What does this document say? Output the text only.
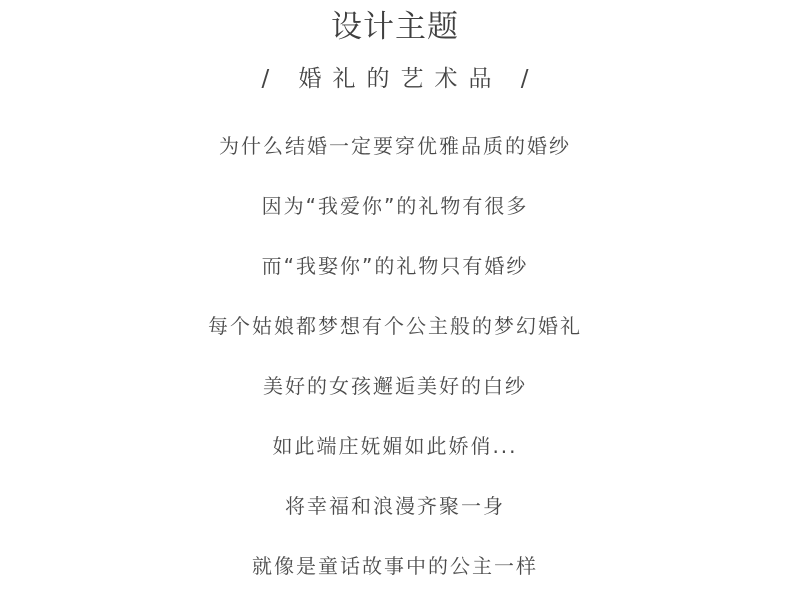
设计主题
/ 婚礼的艺术品 /
为什么结婚一定要穿优雅品质的婚纱
因为“我爱你”的礼物有很多
而“我娶你”的礼物只有婚纱
每个姑娘都梦想有个公主般的梦幻婚礼
美好的女孩邂逅美好的白纱
如此端庄妩媚如此娇俏...
将幸福和浪漫齐聚一身
就像是童话故事中的公主一样
